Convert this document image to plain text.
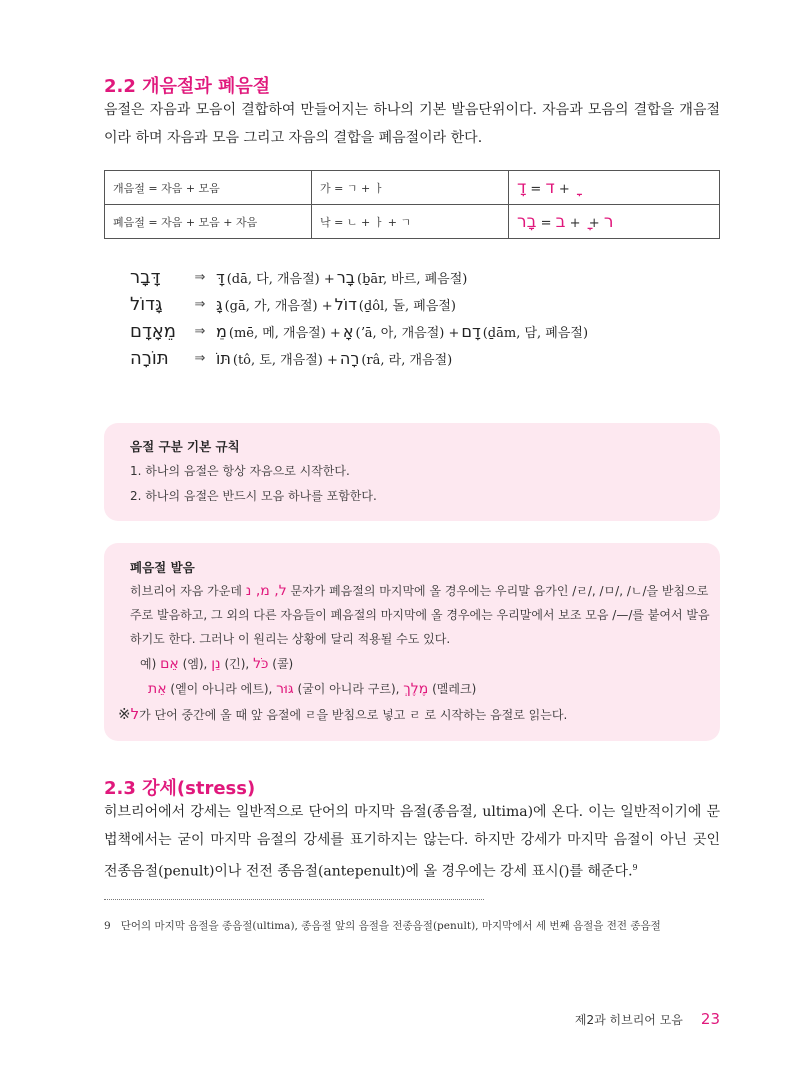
2.2 개음절과 폐음절
음절은 자음과 모음이 결합하여 만들어지는 하나의 기본 발음단위이다. 자음과 모음의 결합을 개음절이라 하며 자음과 모음 그리고 자음의 결합을 폐음절이라 한다.
개음절 = 자음 + 모음	가 = ㄱ + ㅏ	דָ = ד +
폐음절 = 자음 + 모음 + 자음	낙 = ㄴ + ㅏ + ㄱ	בָר = ב + + ר
דָּבָר	⇒ דָּ (dā, 다, 개음절) + בָר (ḇār, 바르, 폐음절)
גָּדוֹל	⇒ גָּ (gā, 가, 개음절) + דוֹל (ḏôl, 돌, 폐음절)
מֵאָדָם	⇒ מֵ (mē, 메, 개음절) + אָ (ʼā, 아, 개음절) + דָם (ḏām, 담, 폐음절)
תּוֹרָה	⇒ תּוֹ (tô, 토, 개음절) + רָה (râ, 라, 개음절)
음절 구분 기본 규칙
1. 하나의 음절은 항상 자음으로 시작한다.
2. 하나의 음절은 반드시 모음 하나를 포함한다.
폐음절 발음
히브리어 자음 가운데 ל, מ, נ 문자가 폐음절의 마지막에 올 경우에는 우리말 음가인 /ㄹ/, /ㅁ/, /ㄴ/을 받침으로 주로 발음하고, 그 외의 다른 자음들이 폐음절의 마지막에 올 경우에는 우리말에서 보조 모음 /—/를 붙여서 발음하기도 한다. 그러나 이 원리는 상황에 달리 적용될 수도 있다.
예) אֵם (엠), נֵן (긴), כֹּל (콜)
אֵת (엩이 아니라 에트), גּוּר (굴이 아니라 구르), מֶלֶךְ (멜레크)
※ל가 단어 중간에 올 때 앞 음절에 ㄹ을 받침으로 넣고 ㄹ 로 시작하는 음절로 읽는다.
2.3 강세(stress)
히브리어에서 강세는 일반적으로 단어의 마지막 음절(종음절, ultima)에 온다. 이는 일반적이기에 문법책에서는 굳이 마지막 음절의 강세를 표기하지는 않는다. 하지만 강세가 마지막 음절이 아닌 곳인 전종음절(penult)이나 전전 종음절(antepenult)에 올 경우에는 강세 표시(ֹ)를 해준다.$^9$
9 단어의 마지막 음절을 종음절(ultima), 종음절 앞의 음절을 전종음절(penult), 마지막에서 세 번째 음절을 전전 종음절
제2과 히브리어 모음 23
